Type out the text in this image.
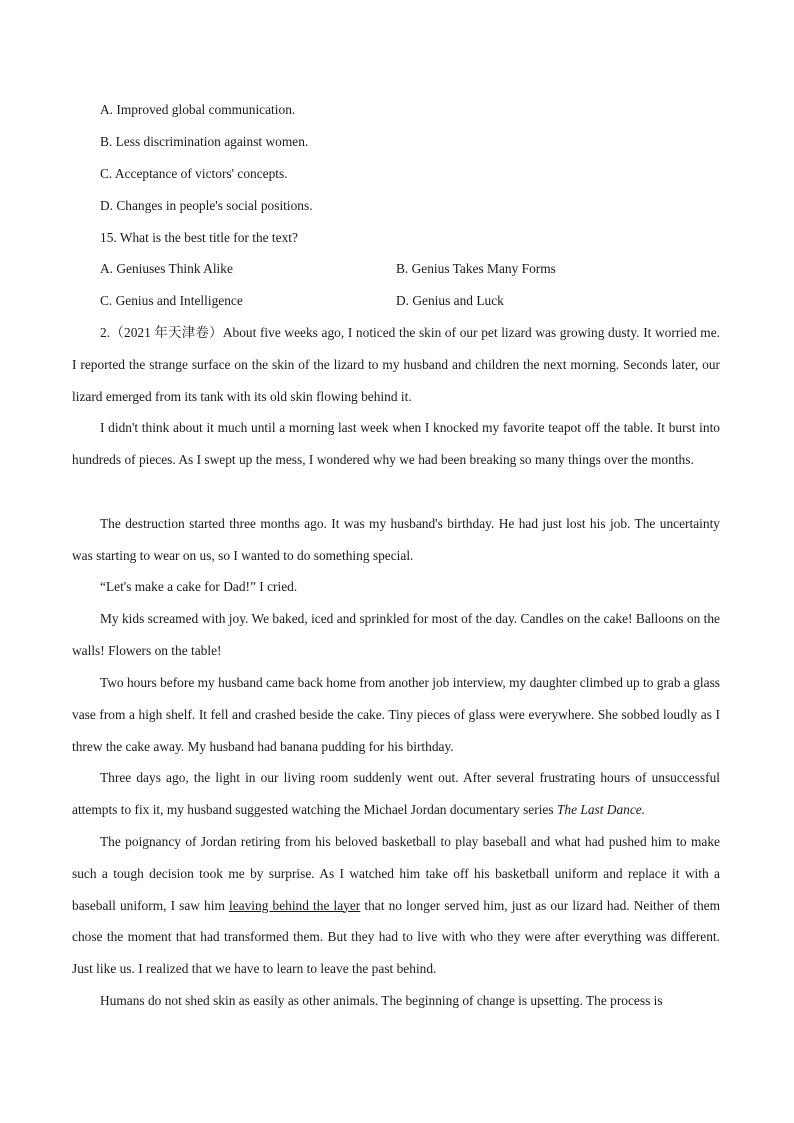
A. Improved global communication.
B. Less discrimination against women.
C. Acceptance of victors' concepts.
D. Changes in people's social positions.
15. What is the best title for the text?
A. Geniuses Think Alike	B. Genius Takes Many Forms
C. Genius and Intelligence	D. Genius and Luck

2.（2021 年天津卷）About five weeks ago, I noticed the skin of our pet lizard was growing dusty. It worried me. I reported the strange surface on the skin of the lizard to my husband and children the next morning. Seconds later, our lizard emerged from its tank with its old skin flowing behind it.

I didn't think about it much until a morning last week when I knocked my favorite teapot off the table. It burst into hundreds of pieces. As I swept up the mess, I wondered why we had been breaking so many things over the months.

The destruction started three months ago. It was my husband's birthday. He had just lost his job. The uncertainty was starting to wear on us, so I wanted to do something special.

“Let's make a cake for Dad!” I cried.

My kids screamed with joy. We baked, iced and sprinkled for most of the day. Candles on the cake! Balloons on the walls! Flowers on the table!

Two hours before my husband came back home from another job interview, my daughter climbed up to grab a glass vase from a high shelf. It fell and crashed beside the cake. Tiny pieces of glass were everywhere. She sobbed loudly as I threw the cake away. My husband had banana pudding for his birthday.

Three days ago, the light in our living room suddenly went out. After several frustrating hours of unsuccessful attempts to fix it, my husband suggested watching the Michael Jordan documentary series The Last Dance.

The poignancy of Jordan retiring from his beloved basketball to play baseball and what had pushed him to make such a tough decision took me by surprise. As I watched him take off his basketball uniform and replace it with a baseball uniform, I saw him leaving behind the layer that no longer served him, just as our lizard had. Neither of them chose the moment that had transformed them. But they had to live with who they were after everything was different. Just like us. I realized that we have to learn to leave the past behind.

Humans do not shed skin as easily as other animals. The beginning of change is upsetting. The process is
